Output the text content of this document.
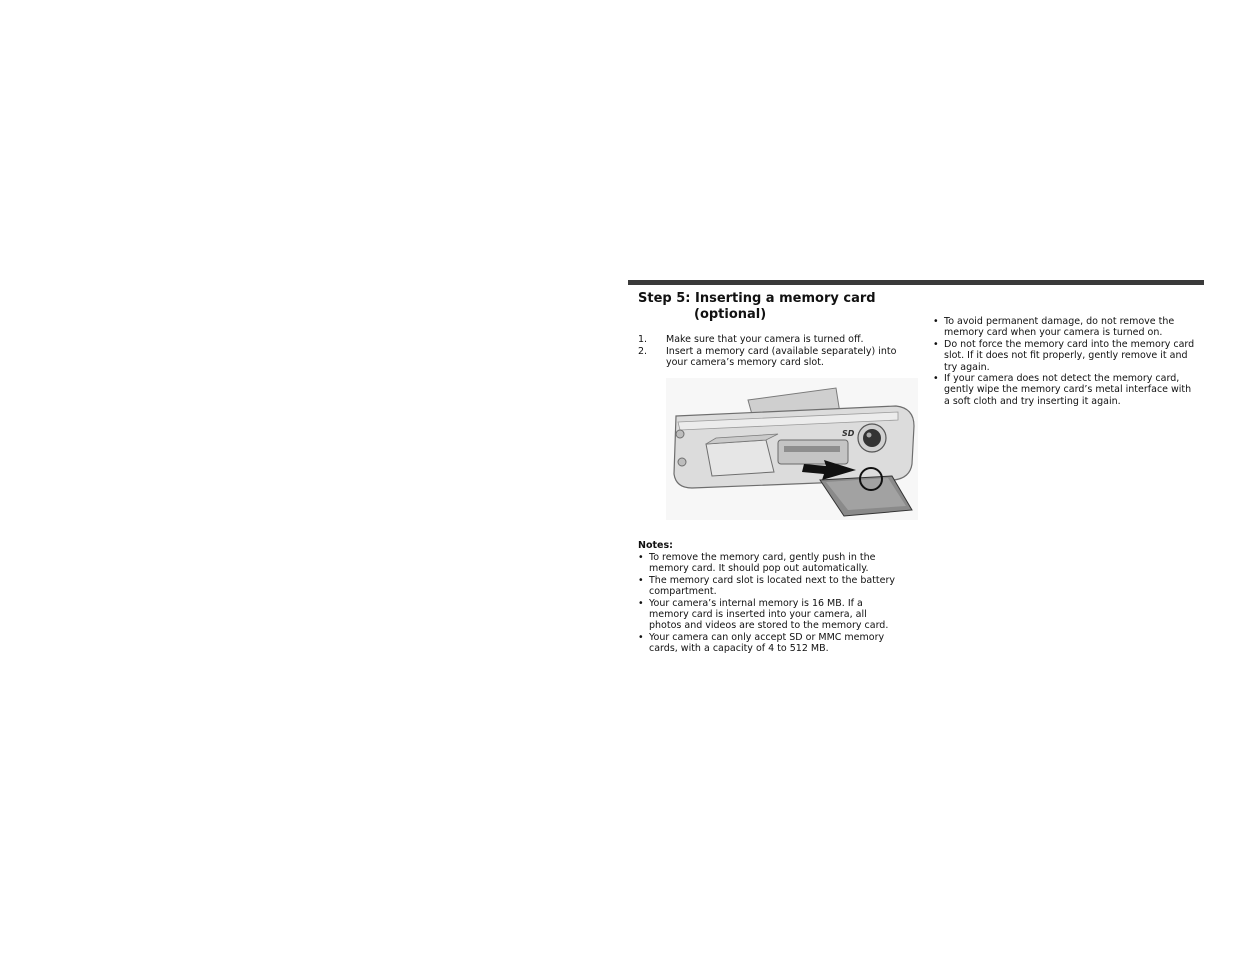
Step 5: Inserting a memory card
(optional)
1. Make sure that your camera is turned off.
2. Insert a memory card (available separately) into your camera’s memory card slot.
SD

Notes:

• To remove the memory card, gently push in the memory card. It should pop out automatically.
• The memory card slot is located next to the battery compartment.
• Your camera’s internal memory is 16 MB. If a memory card is inserted into your camera, all photos and videos are stored to the memory card.
• Your camera can only accept SD or MMC memory cards, with a capacity of 4 to 512 MB.
• To avoid permanent damage, do not remove the memory card when your camera is turned on.
• Do not force the memory card into the memory card slot. If it does not fit properly, gently remove it and try again.
• If your camera does not detect the memory card, gently wipe the memory card’s metal interface with a soft cloth and try inserting it again.
